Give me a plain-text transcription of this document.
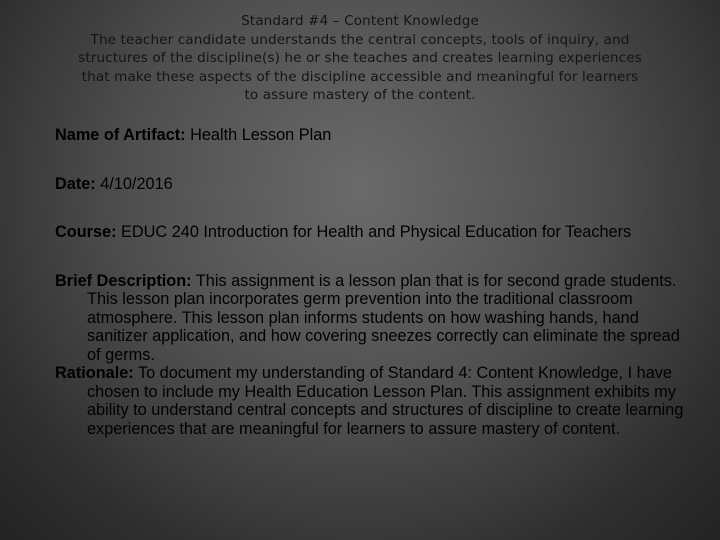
Standard #4 – Content Knowledge
The teacher candidate understands the central concepts, tools of inquiry, and
structures of the discipline(s) he or she teaches and creates learning experiences
that make these aspects of the discipline accessible and meaningful for learners
to assure mastery of the content.

Name of Artifact: Health Lesson Plan

Date: 4/10/2016

Course: EDUC 240 Introduction for Health and Physical Education for Teachers

Brief Description: This assignment is a lesson plan that is for second grade students. This lesson plan incorporates germ prevention into the traditional classroom atmosphere. This lesson plan informs students on how washing hands, hand sanitizer application, and how covering sneezes correctly can eliminate the spread of germs.

Rationale: To document my understanding of Standard 4: Content Knowledge, I have chosen to include my Health Education Lesson Plan. This assignment exhibits my ability to understand central concepts and structures of discipline to create learning experiences that are meaningful for learners to assure mastery of content.
